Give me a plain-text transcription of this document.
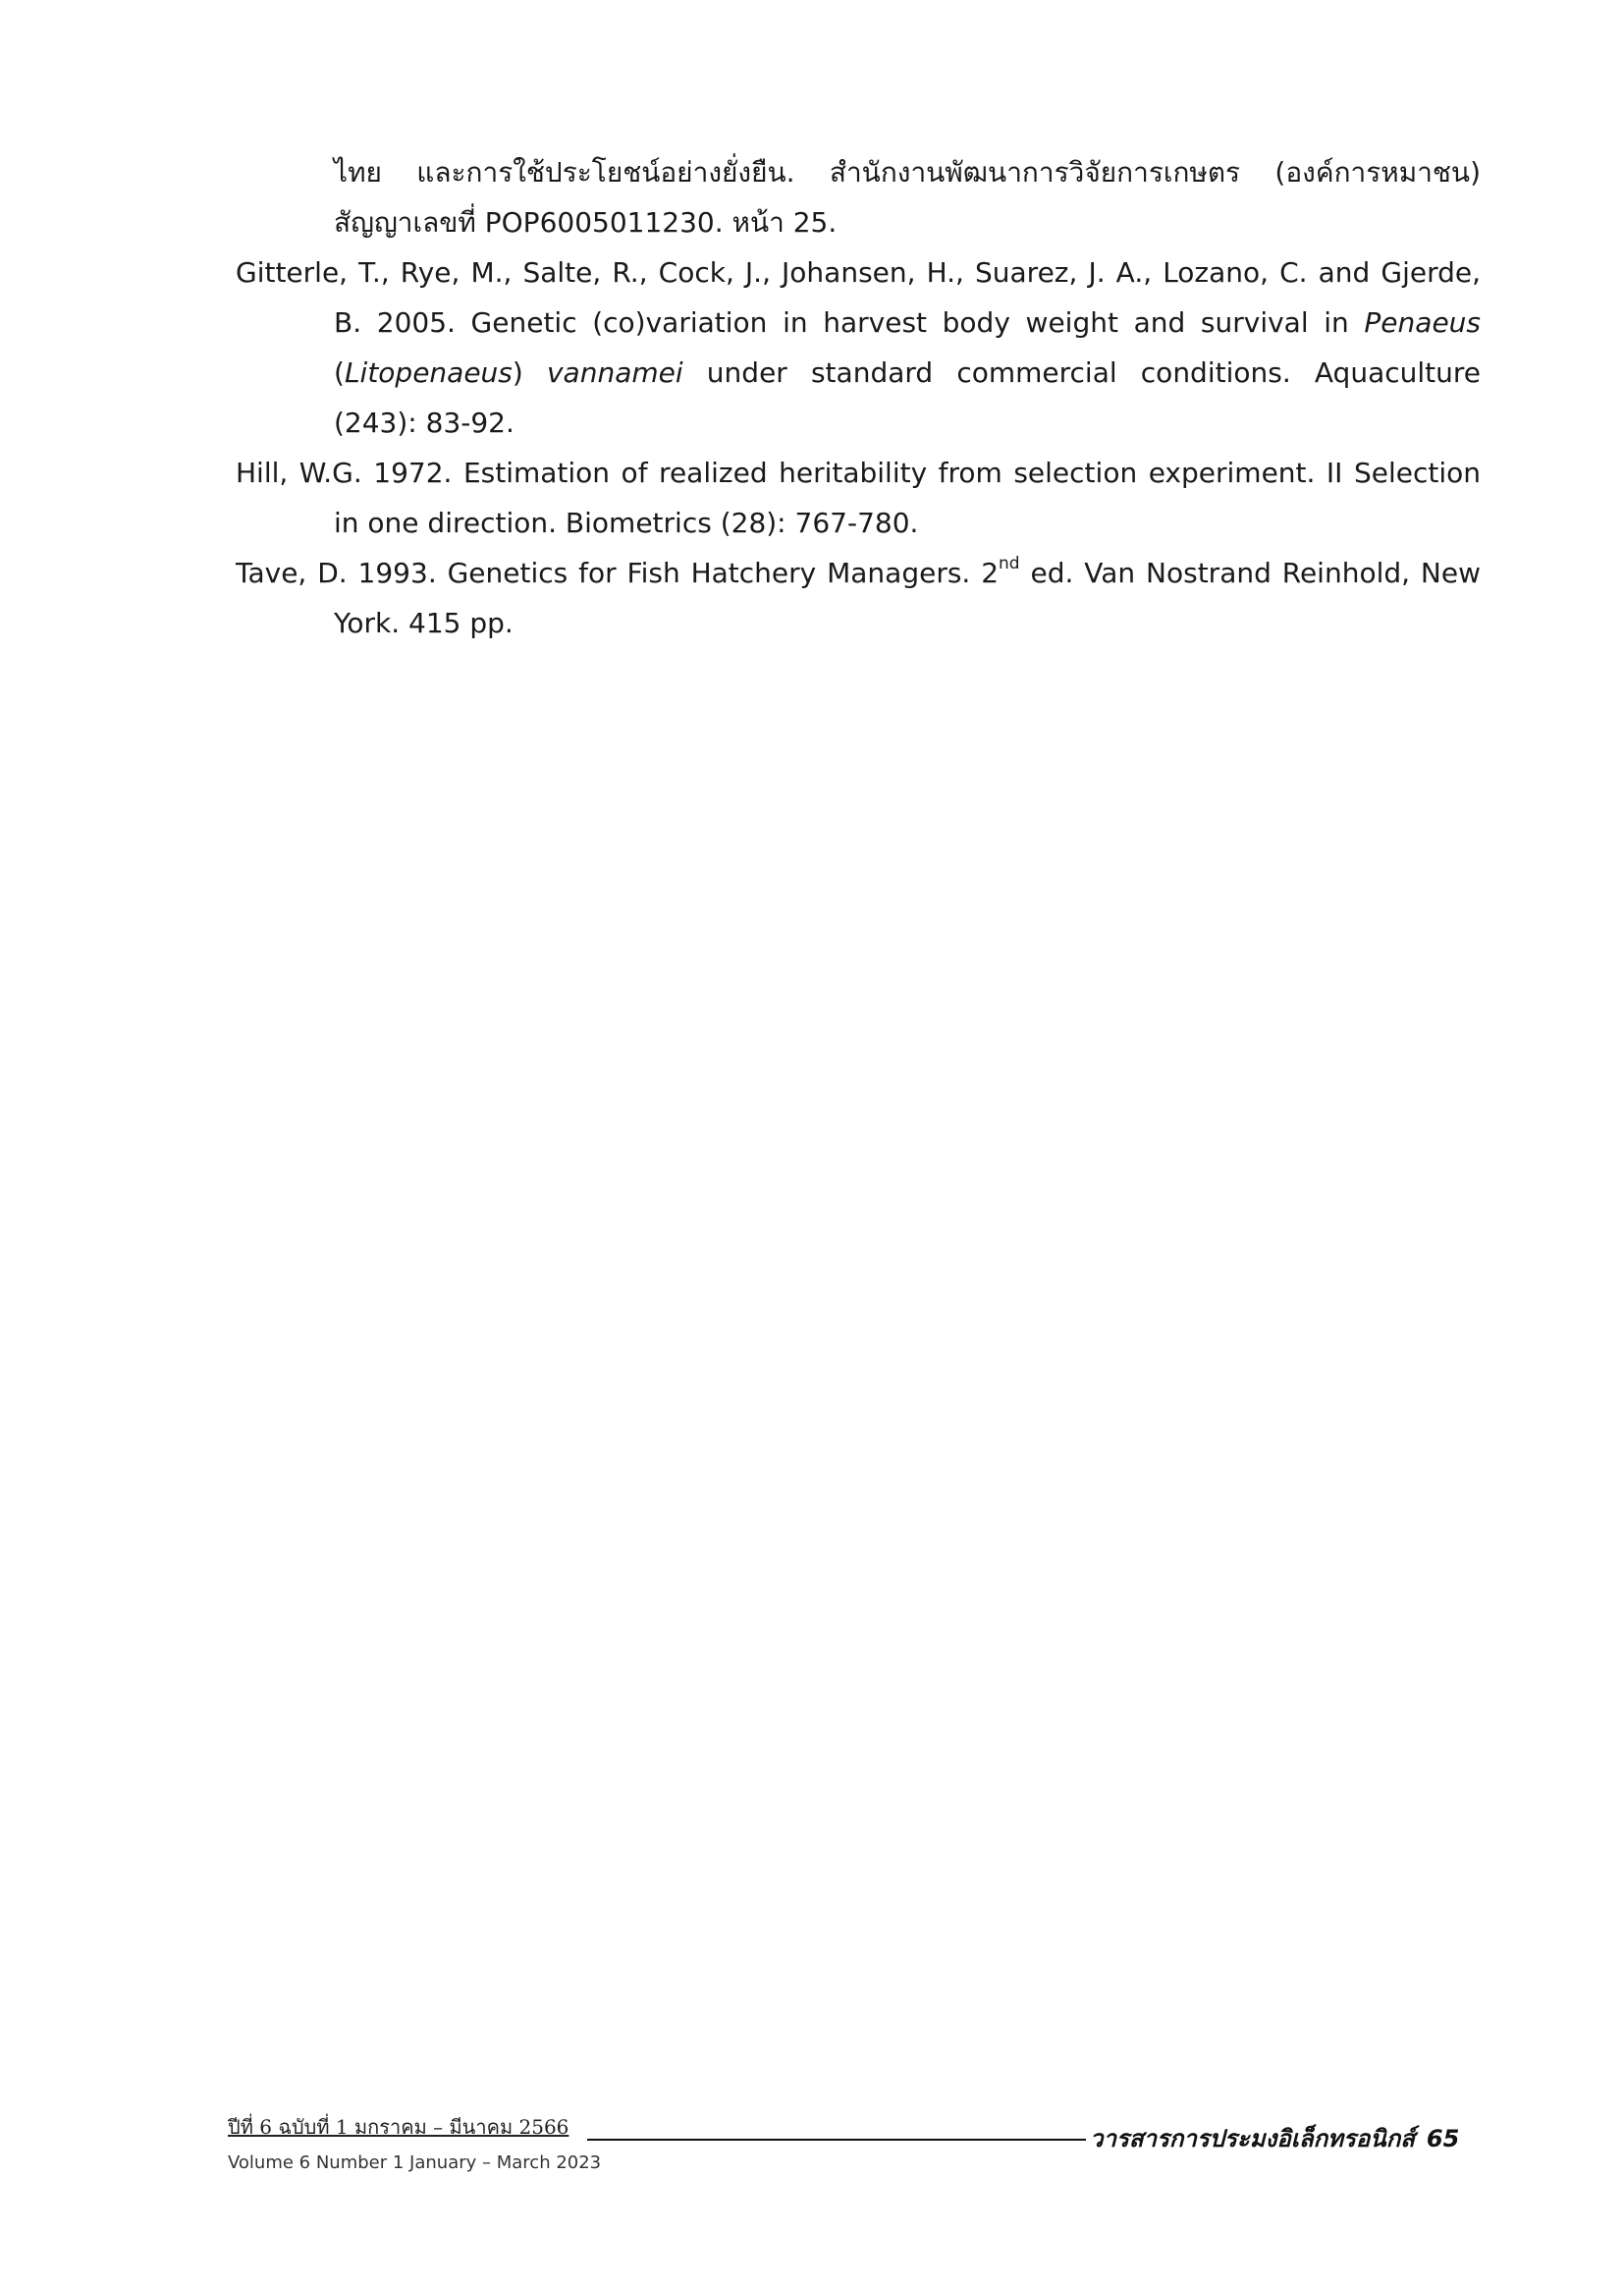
ไทย และการใช้ประโยชน์อย่างยั่งยืน. สำนักงานพัฒนาการวิจัยการเกษตร (องค์การหมาชน) สัญญาเลขที่ POP6005011230. หน้า 25.

Gitterle, T., Rye, M., Salte, R., Cock, J., Johansen, H., Suarez, J. A., Lozano, C. and Gjerde, B. 2005. Genetic (co)variation in harvest body weight and survival in Penaeus (Litopenaeus) vannamei under standard commercial conditions. Aquaculture (243): 83-92.

Hill, W.G. 1972. Estimation of realized heritability from selection experiment. II Selection in one direction. Biometrics (28): 767-780.

Tave, D. 1993. Genetics for Fish Hatchery Managers. 2nd ed. Van Nostrand Reinhold, New York. 415 pp.

ปีที่ 6 ฉบับที่ 1 มกราคม – มีนาคม 2566
Volume 6 Number 1 January – March 2023
วารสารการประมงอิเล็กทรอนิกส์ 65
